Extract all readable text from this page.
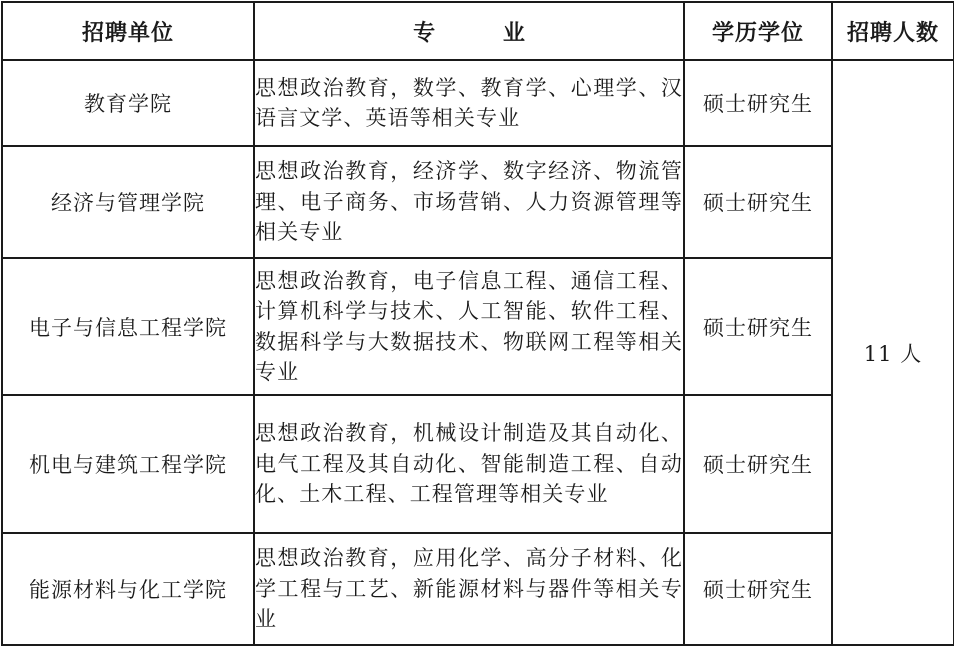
招聘单位	专 业	学历学位	招聘人数
教育学院	思想政治教育，数学、教育学、心理学、汉语言文学、英语等相关专业	硕士研究生	11 人
经济与管理学院	思想政治教育，经济学、数字经济、物流管理、电子商务、市场营销、人力资源管理等相关专业	硕士研究生	
电子与信息工程学院	思想政治教育，电子信息工程、通信工程、计算机科学与技术、人工智能、软件工程、数据科学与大数据技术、物联网工程等相关专业	硕士研究生	
机电与建筑工程学院	思想政治教育，机械设计制造及其自动化、电气工程及其自动化、智能制造工程、自动化、土木工程、工程管理等相关专业	硕士研究生	
能源材料与化工学院	思想政治教育，应用化学、高分子材料、化学工程与工艺、新能源材料与器件等相关专业	硕士研究生	
